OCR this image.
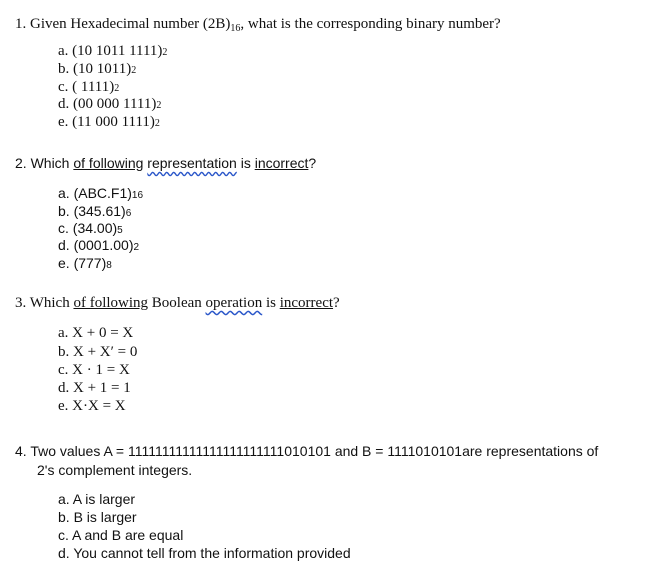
1. Given Hexadecimal number $(2B)_{16}$, what is the corresponding binary number?
a. (10 1011 1111)2
b. (10 1011)2
c. ( 1111)2
d. (00 000 1111)2
e. (11 000 1111)2
2. Which of following representation is incorrect?
a. (ABC.F1)16
b. (345.61)6
c. (34.00)5
d. (0001.00)2
e. (777)8
3. Which of following Boolean operation is incorrect?
a. X + 0 = X
b. X + X′ = 0
c. X · 1 = X
d. X + 1 = 1
e. X·X = X
4. Two values A = 11111111111111111111111010101 and B = 1111010101are representations of
2's complement integers.
a. A is larger
b. B is larger
c. A and B are equal
d. You cannot tell from the information provided
